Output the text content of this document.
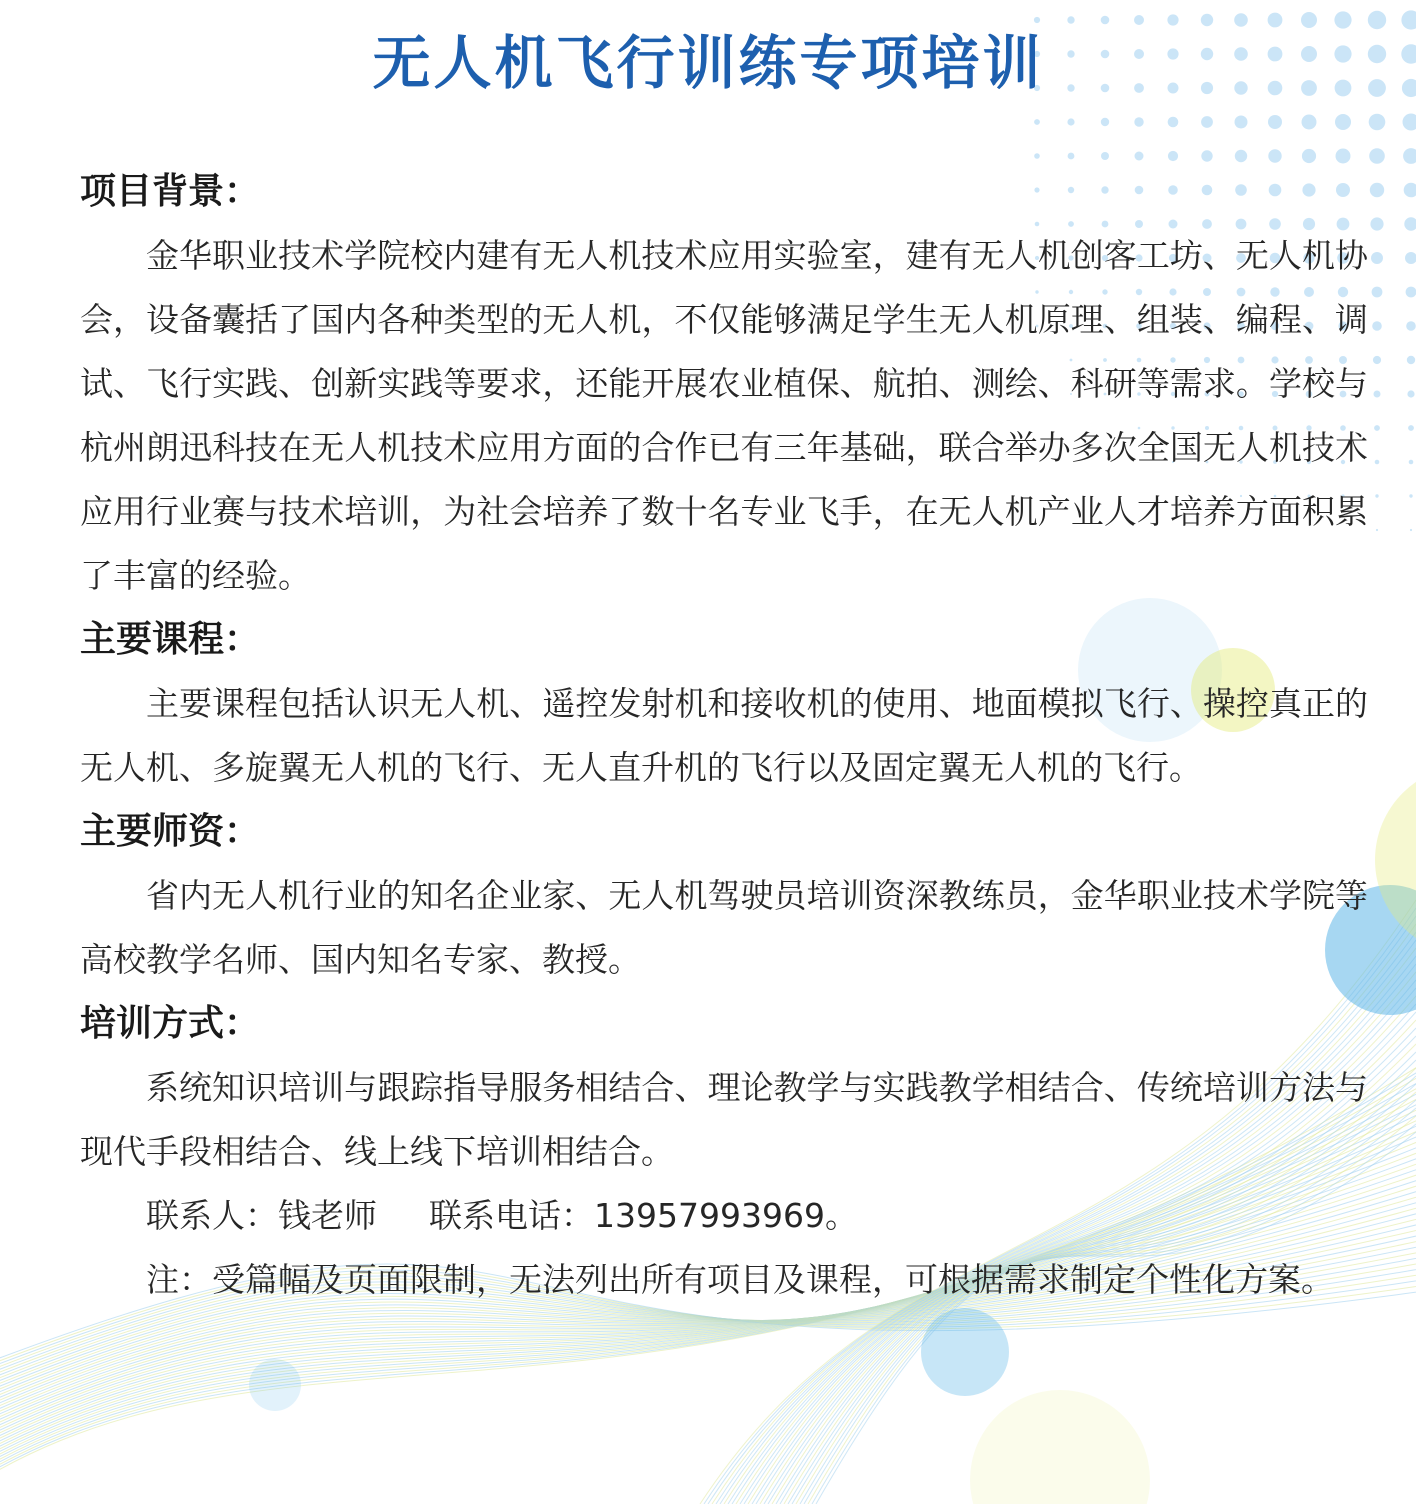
无人机飞行训练专项培训

项目背景：

金华职业技术学院校内建有无人机技术应用实验室，建有无人机创客工坊、无人机协会，设备囊括了国内各种类型的无人机，不仅能够满足学生无人机原理、组装、编程、调试、飞行实践、创新实践等要求，还能开展农业植保、航拍、测绘、科研等需求。学校与杭州朗迅科技在无人机技术应用方面的合作已有三年基础，联合举办多次全国无人机技术应用行业赛与技术培训，为社会培养了数十名专业飞手，在无人机产业人才培养方面积累了丰富的经验。

主要课程：

主要课程包括认识无人机、遥控发射机和接收机的使用、地面模拟飞行、操控真正的无人机、多旋翼无人机的飞行、无人直升机的飞行以及固定翼无人机的飞行。

主要师资：

省内无人机行业的知名企业家、无人机驾驶员培训资深教练员，金华职业技术学院等高校教学名师、国内知名专家、教授。

培训方式：

系统知识培训与跟踪指导服务相结合、理论教学与实践教学相结合、传统培训方法与现代手段相结合、线上线下培训相结合。

联系人：钱老师 联系电话：13957993969。

注：受篇幅及页面限制，无法列出所有项目及课程，可根据需求制定个性化方案。
